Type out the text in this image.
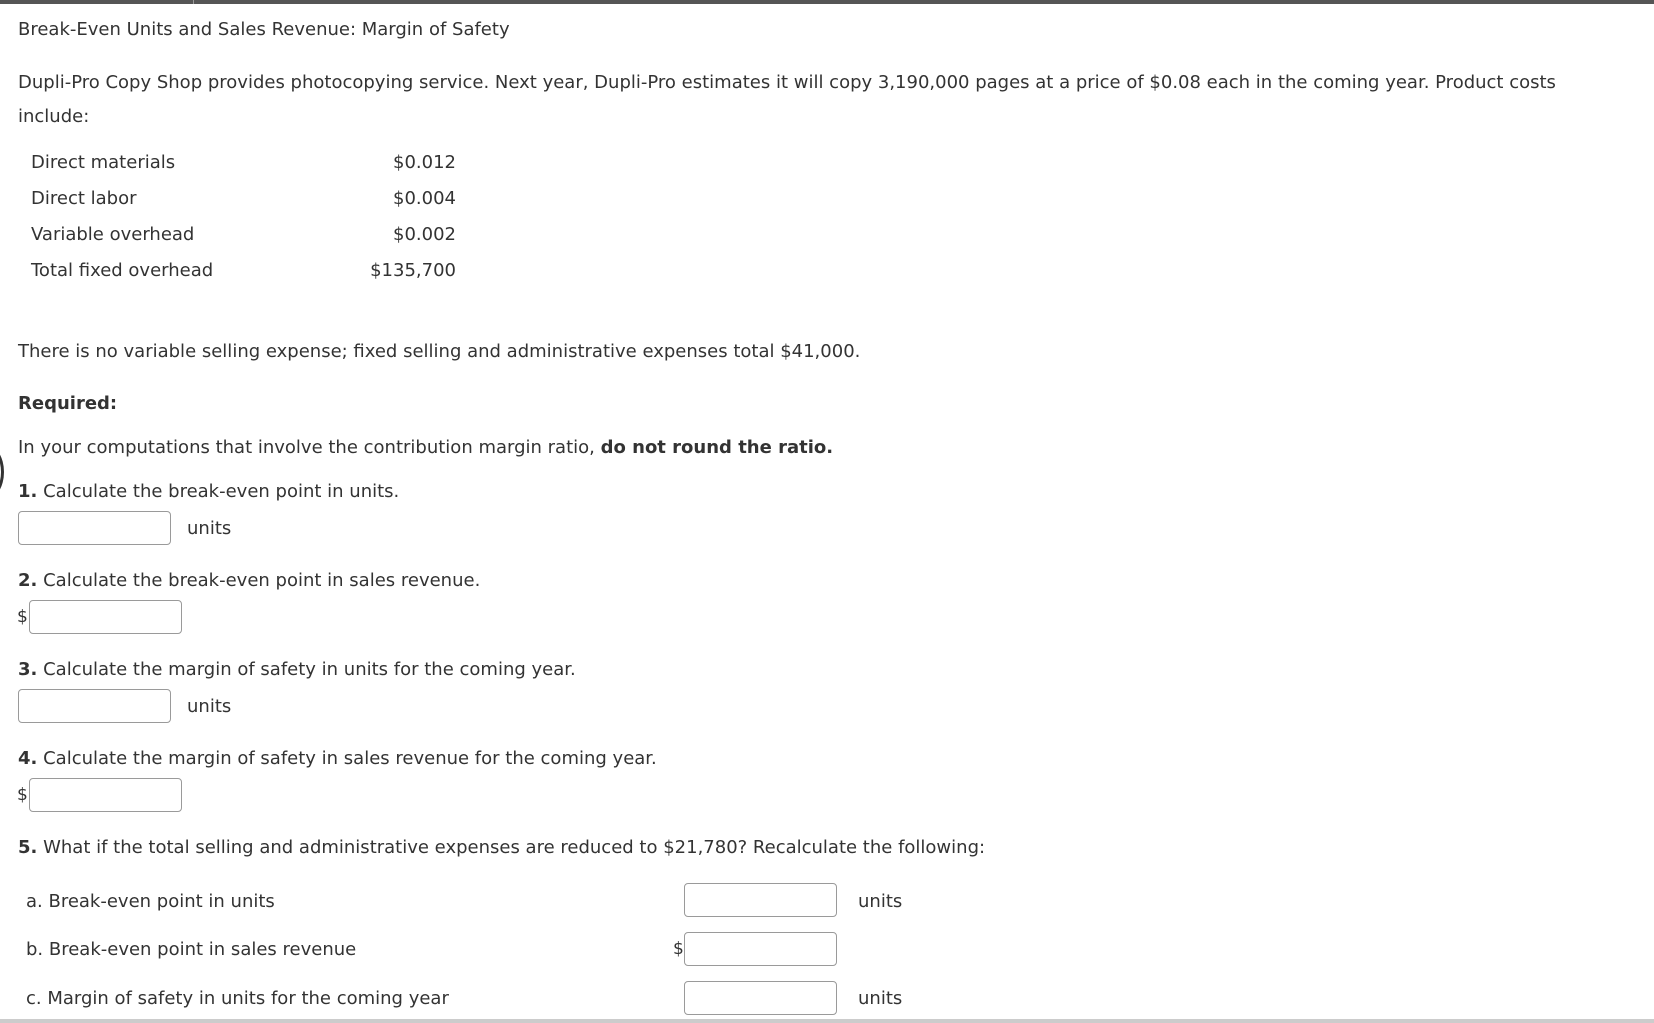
Break-Even Units and Sales Revenue: Margin of Safety
Dupli-Pro Copy Shop provides photocopying service. Next year, Dupli-Pro estimates it will copy 3,190,000 pages at a price of $0.08 each in the coming year. Product costs
include:
Direct materials	$0.012
Direct labor	$0.004
Variable overhead	$0.002
Total fixed overhead	$135,700
There is no variable selling expense; fixed selling and administrative expenses total $41,000.
Required:
In your computations that involve the contribution margin ratio, do not round the ratio.
1. Calculate the break-even point in units.
units
2. Calculate the break-even point in sales revenue.
$
3. Calculate the margin of safety in units for the coming year.
units
4. Calculate the margin of safety in sales revenue for the coming year.
$
5. What if the total selling and administrative expenses are reduced to $21,780? Recalculate the following:
a. Break-even point in units	units
b. Break-even point in sales revenue	$
c. Margin of safety in units for the coming year	units
